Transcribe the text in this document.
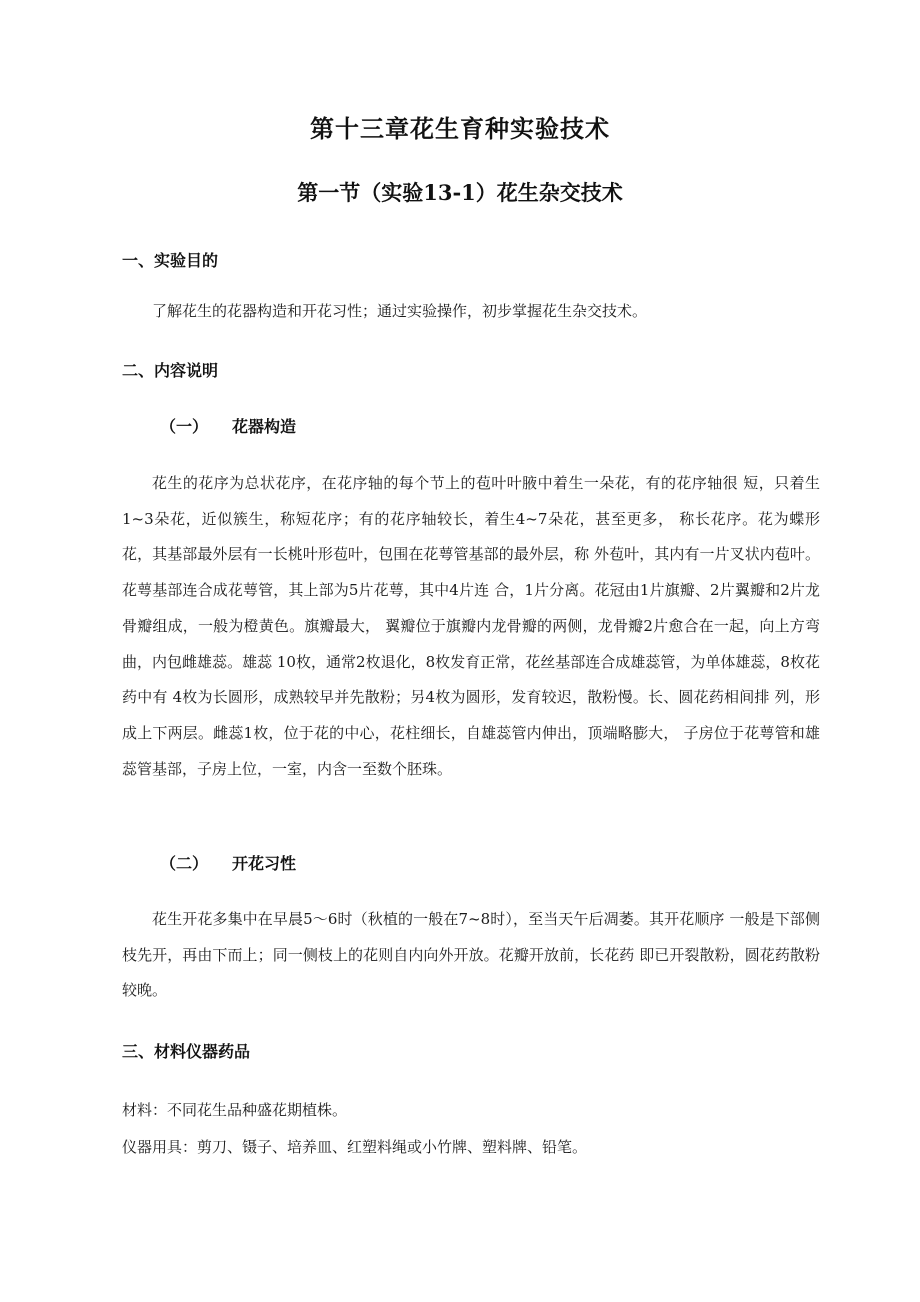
第十三章花生育种实验技术
第一节（实验13-1）花生杂交技术
一、实验目的

了解花生的花器构造和开花习性；通过实验操作，初步掌握花生杂交技术。

二、内容说明
（一） 花器构造

花生的花序为总状花序，在花序轴的每个节上的苞叶叶腋中着生一朵花，有的花序轴很 短，只着生1~3朵花，近似簇生，称短花序；有的花序轴较长，着生4~7朵花，甚至更多， 称长花序。花为蝶形花，其基部最外层有一长桃叶形苞叶，包围在花萼管基部的最外层，称 外苞叶，其内有一片叉状内苞叶。花萼基部连合成花萼管，其上部为5片花萼，其中4片连 合，1片分离。花冠由1片旗瓣、2片翼瓣和2片龙骨瓣组成，一般为橙黄色。旗瓣最大， 翼瓣位于旗瓣内龙骨瓣的两侧，龙骨瓣2片愈合在一起，向上方弯曲，内包雌雄蕊。雄蕊 10枚，通常2枚退化，8枚发育正常，花丝基部连合成雄蕊管，为单体雄蕊，8枚花药中有 4枚为长圆形，成熟较早并先散粉；另4枚为圆形，发育较迟，散粉慢。长、圆花药相间排 列，形成上下两层。雌蕊1枚，位于花的中心，花柱细长，自雄蕊管内伸出，顶端略膨大， 子房位于花萼管和雄蕊管基部，子房上位，一室，内含一至数个胚珠。

（二） 开花习性

花生开花多集中在早晨5～6时（秋植的一般在7~8时），至当天午后凋萎。其开花顺序 一般是下部侧枝先开，再由下而上；同一侧枝上的花则自内向外开放。花瓣开放前，长花药 即已开裂散粉，圆花药散粉较晚。

三、材料仪器药品

材料：不同花生品种盛花期植株。

仪器用具：剪刀、镊子、培养皿、红塑料绳或小竹牌、塑料牌、铅笔。
